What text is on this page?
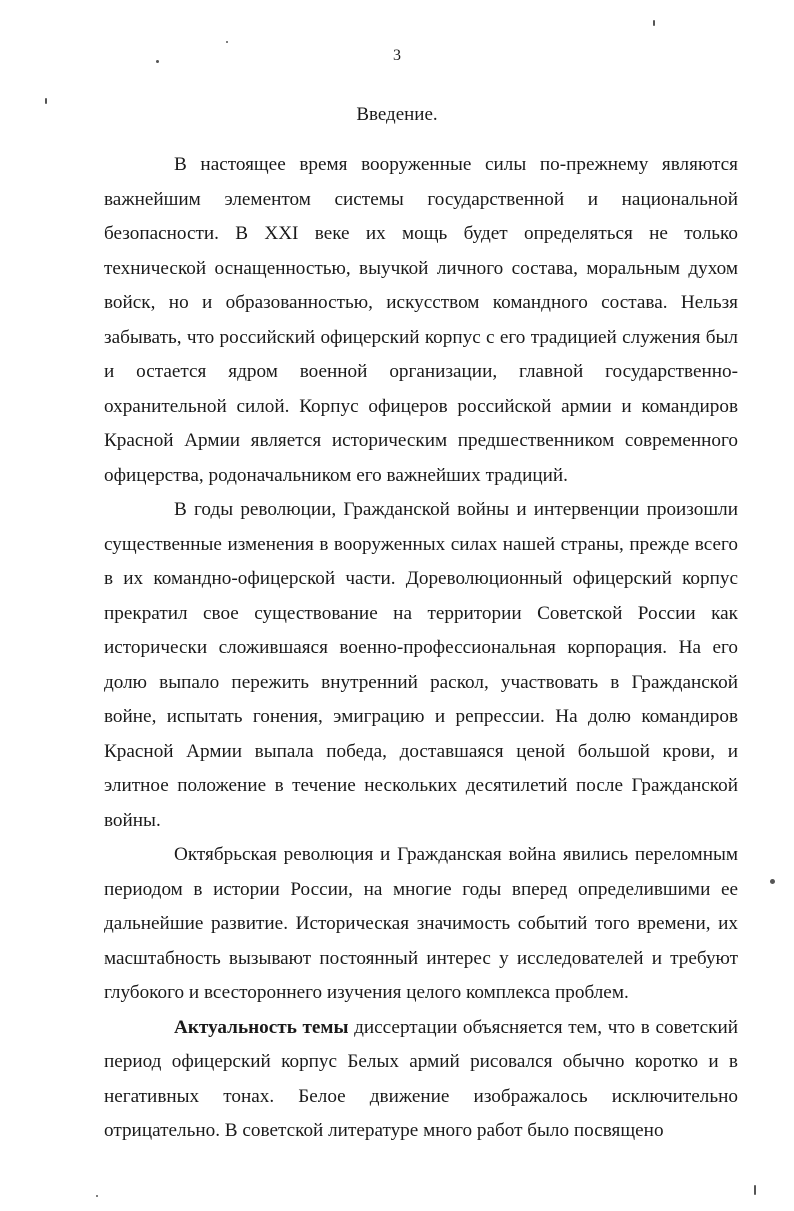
3
Введение.

В настоящее время вооруженные силы по-прежнему являются важнейшим элементом системы государственной и национальной безопасности. В XXI веке их мощь будет определяться не только технической оснащенностью, выучкой личного состава, моральным духом войск, но и образованностью, искусством командного состава. Нельзя забывать, что российский офицерский корпус с его традицией служения был и остается ядром военной организации, главной государственно-охранительной силой. Корпус офицеров российской армии и командиров Красной Армии является историческим предшественником современного офицерства, родоначальником его важнейших традиций.

В годы революции, Гражданской войны и интервенции произошли существенные изменения в вооруженных силах нашей страны, прежде всего в их командно-офицерской части. Дореволюционный офицерский корпус прекратил свое существование на территории Советской России как исторически сложившаяся военно-профессиональная корпорация. На его долю выпало пережить внутренний раскол, участвовать в Гражданской войне, испытать гонения, эмиграцию и репрессии. На долю командиров Красной Армии выпала победа, доставшаяся ценой большой крови, и элитное положение в течение нескольких десятилетий после Гражданской войны.

Октябрьская революция и Гражданская война явились переломным периодом в истории России, на многие годы вперед определившими ее дальнейшие развитие. Историческая значимость событий того времени, их масштабность вызывают постоянный интерес у исследователей и требуют глубокого и всестороннего изучения целого комплекса проблем.

Актуальность темы диссертации объясняется тем, что в советский период офицерский корпус Белых армий рисовался обычно коротко и в негативных тонах. Белое движение изображалось исключительно отрицательно. В советской литературе много работ было посвящено
